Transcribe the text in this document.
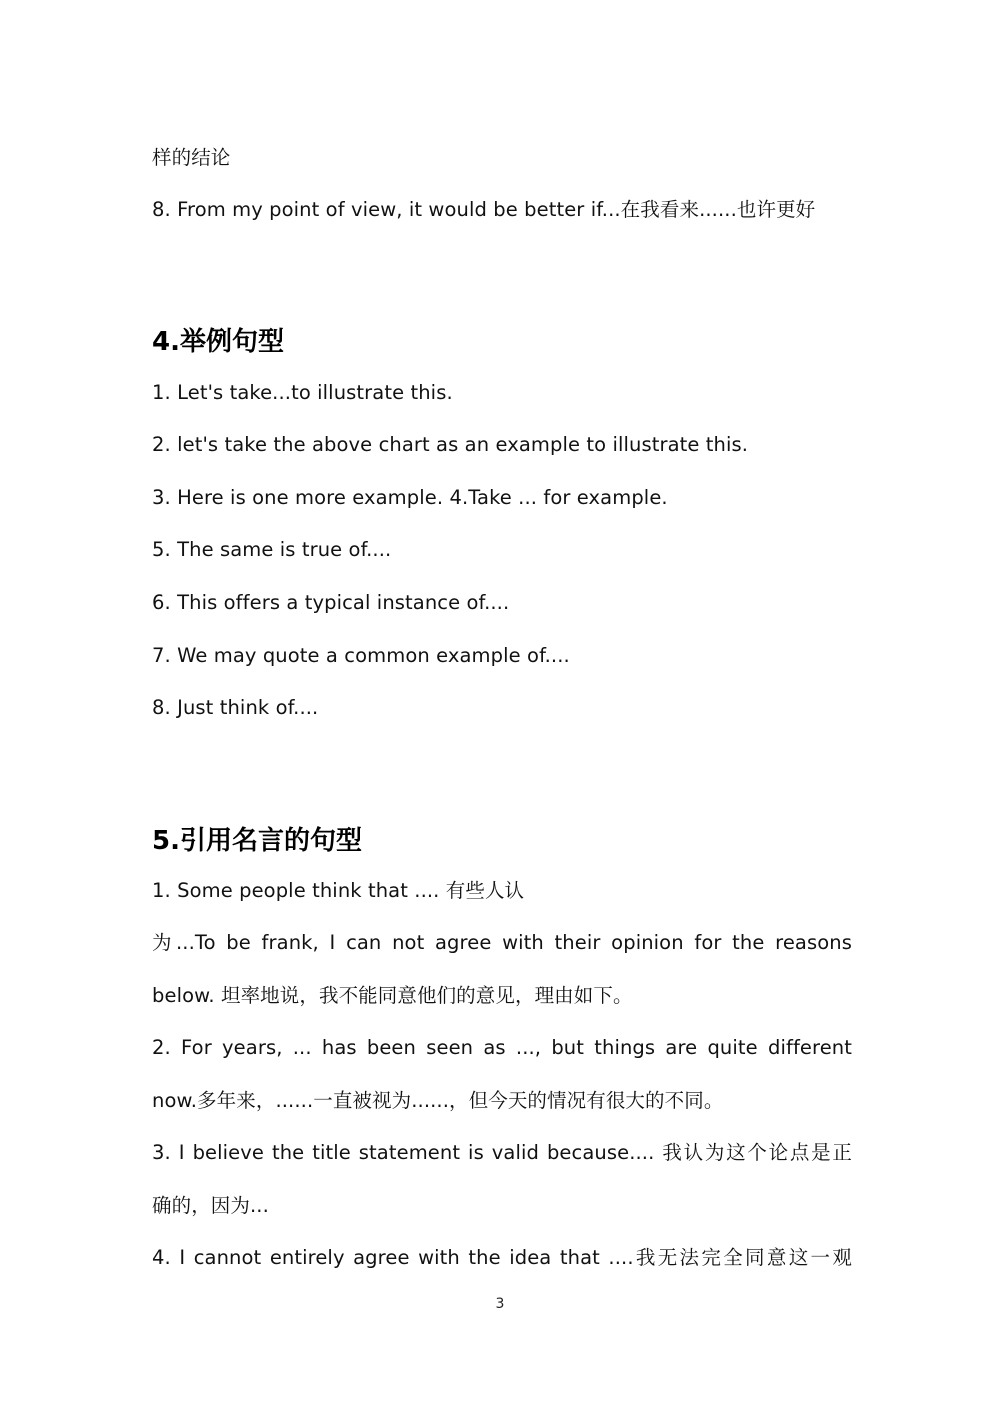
样的结论
8. From my point of view, it would be better if...在我看来......也许更好
4.举例句型
1. Let's take...to illustrate this.
2. let's take the above chart as an example to illustrate this.
3. Here is one more example. 4.Take ... for example.
5. The same is true of....
6. This offers a typical instance of....
7. We may quote a common example of....
8. Just think of....
5.引用名言的句型
1. Some people think that .... 有些人认
为...To be frank, I can not agree with their opinion for the reasons
below. 坦率地说，我不能同意他们的意见，理由如下。
2. For years, ... has been seen as ..., but things are quite different
now.多年来，......一直被视为......，但今天的情况有很大的不同。
3. I believe the title statement is valid because.... 我认为这个论点是正
确的，因为...
4. I cannot entirely agree with the idea that ....我无法完全同意这一观
3
